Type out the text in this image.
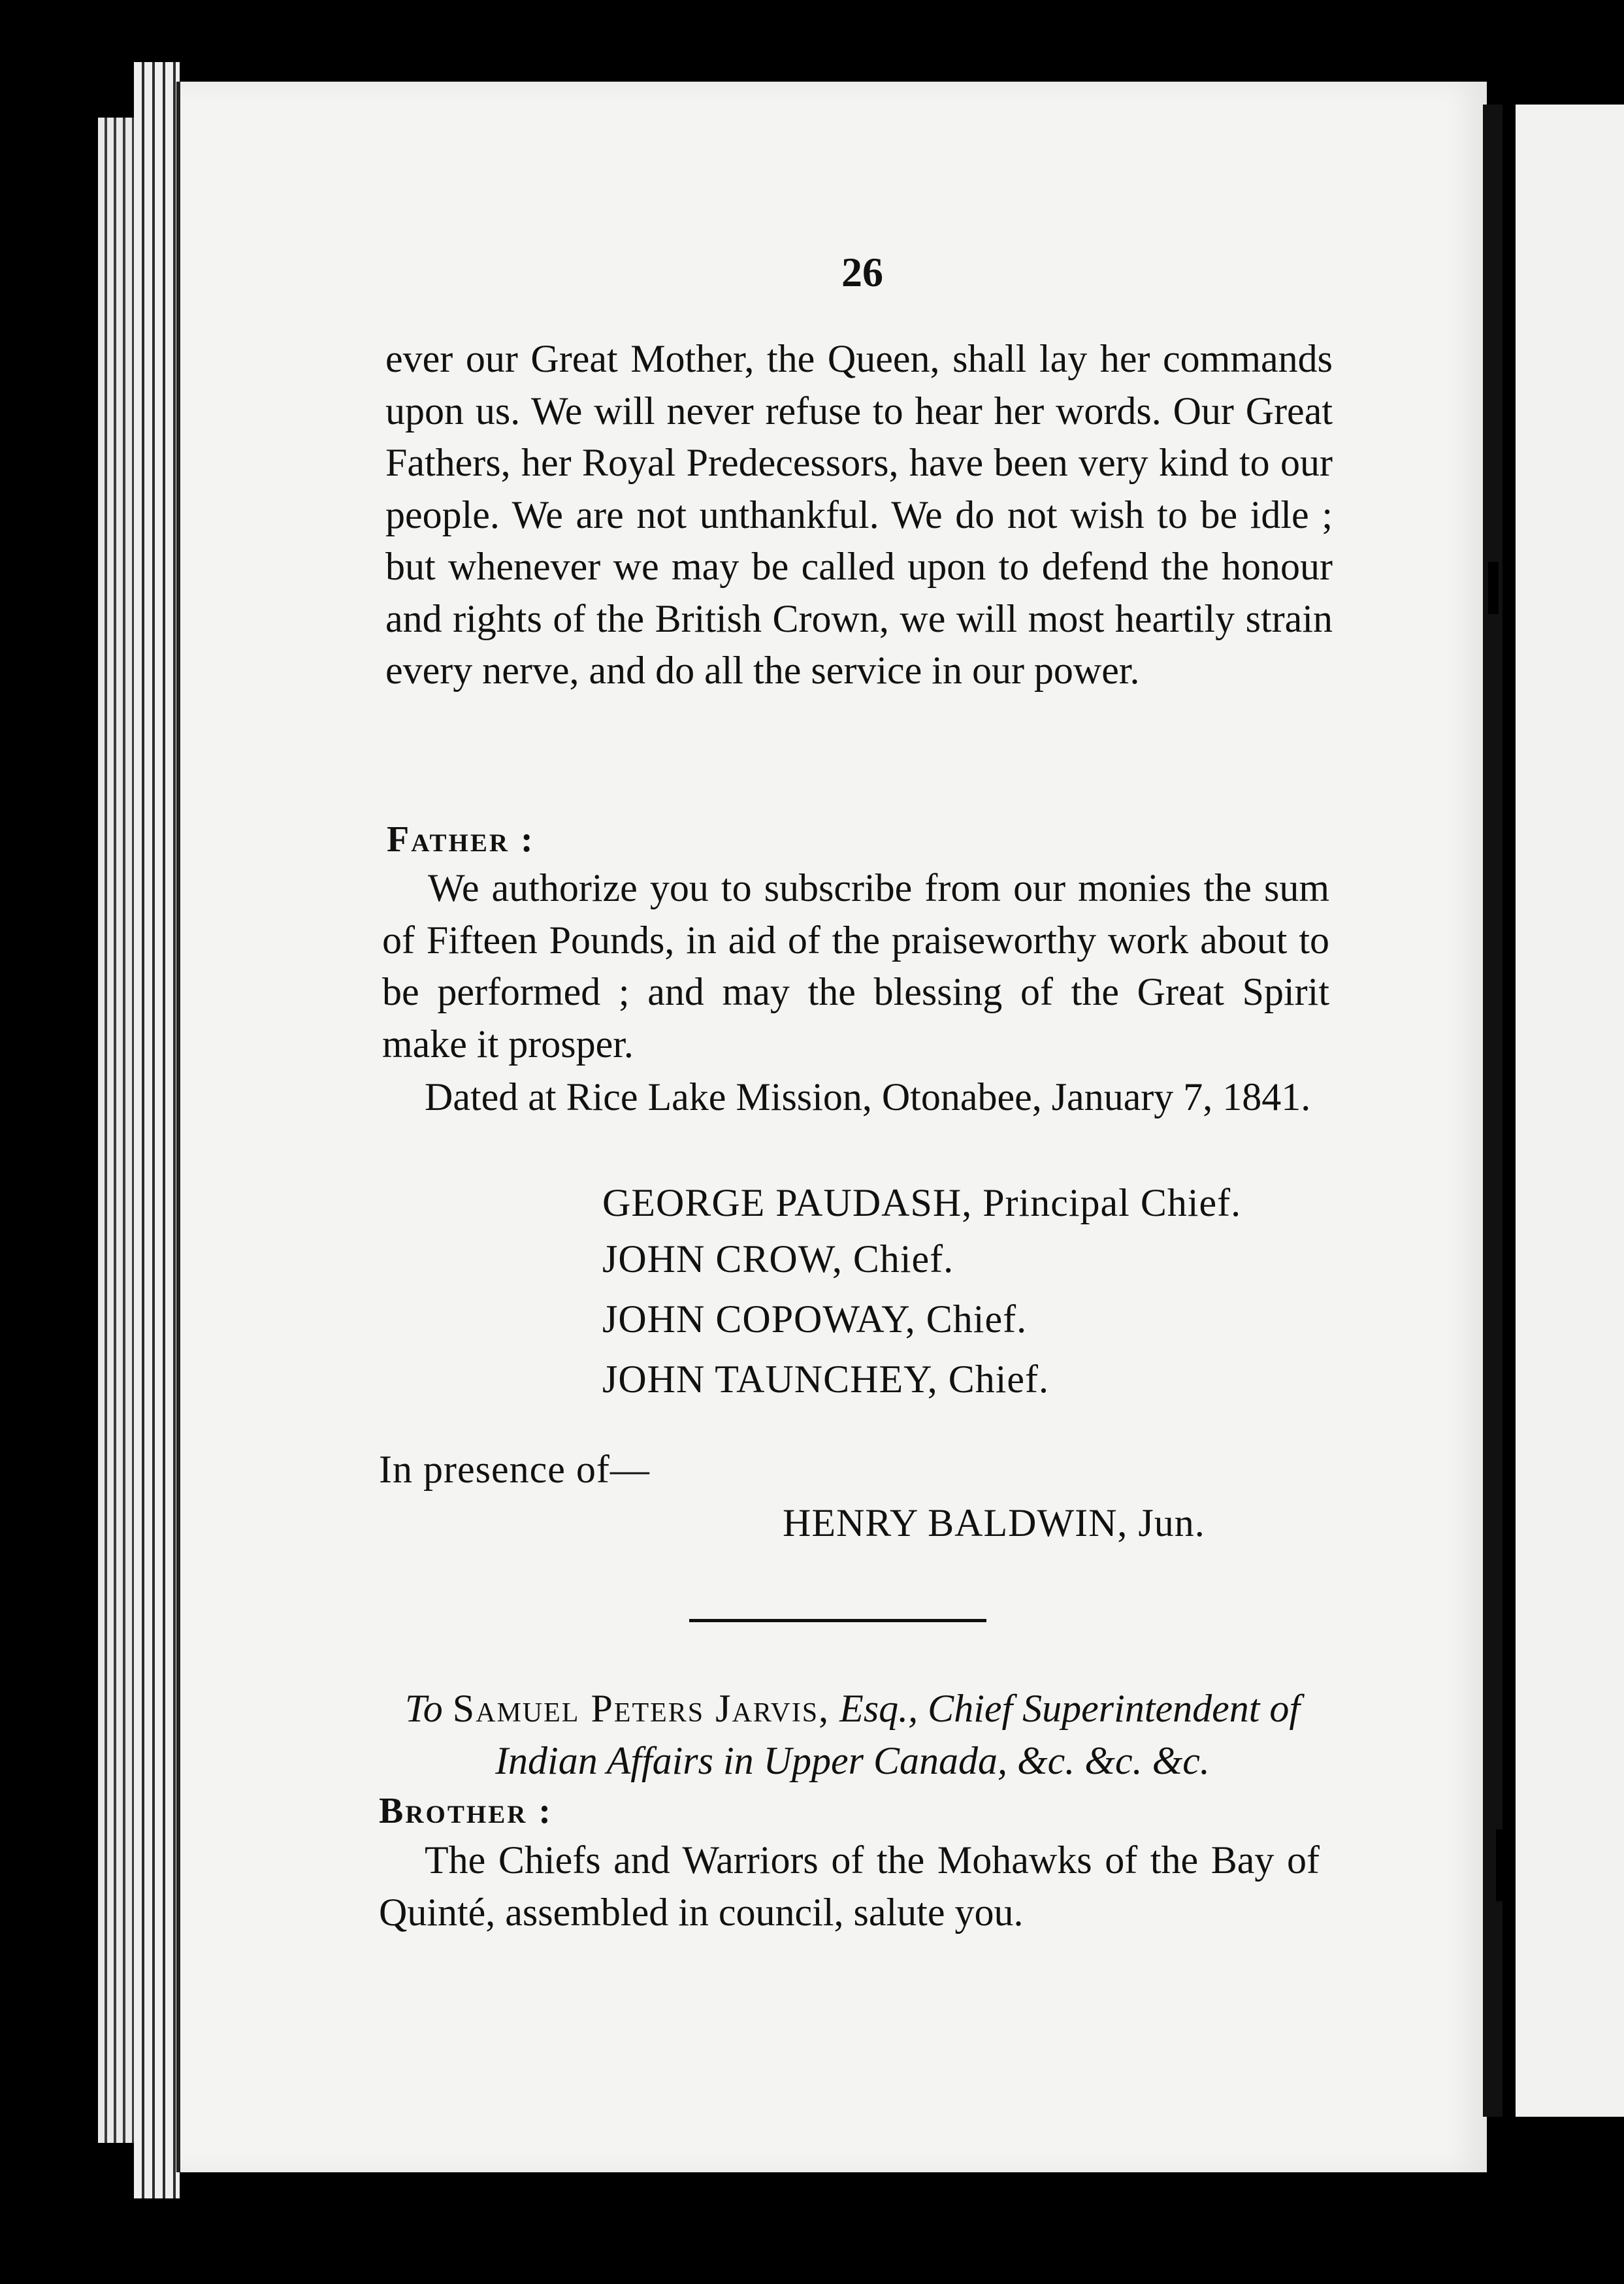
26

ever our Great Mother, the Queen, shall lay her commands upon us. We will never refuse to hear her words. Our Great Fathers, her Royal Predecessors, have been very kind to our people. We are not unthankful. We do not wish to be idle ; but whenever we may be called upon to defend the honour and rights of the British Crown, we will most heartily strain every nerve, and do all the service in our power.

Father :

We authorize you to subscribe from our monies the sum of Fifteen Pounds, in aid of the praiseworthy work about to be performed ; and may the blessing of the Great Spirit make it prosper.

Dated at Rice Lake Mission, Otonabee, January 7, 1841.

GEORGE PAUDASH, Principal Chief.
JOHN CROW, Chief.
JOHN COPOWAY, Chief.
JOHN TAUNCHEY, Chief.
In presence of—
HENRY BALDWIN, Jun.
To Samuel Peters Jarvis, Esq., Chief Superintendent of Indian Affairs in Upper Canada, &c. &c. &c.
Brother :

The Chiefs and Warriors of the Mohawks of the Bay of Quinté, assembled in council, salute you.
